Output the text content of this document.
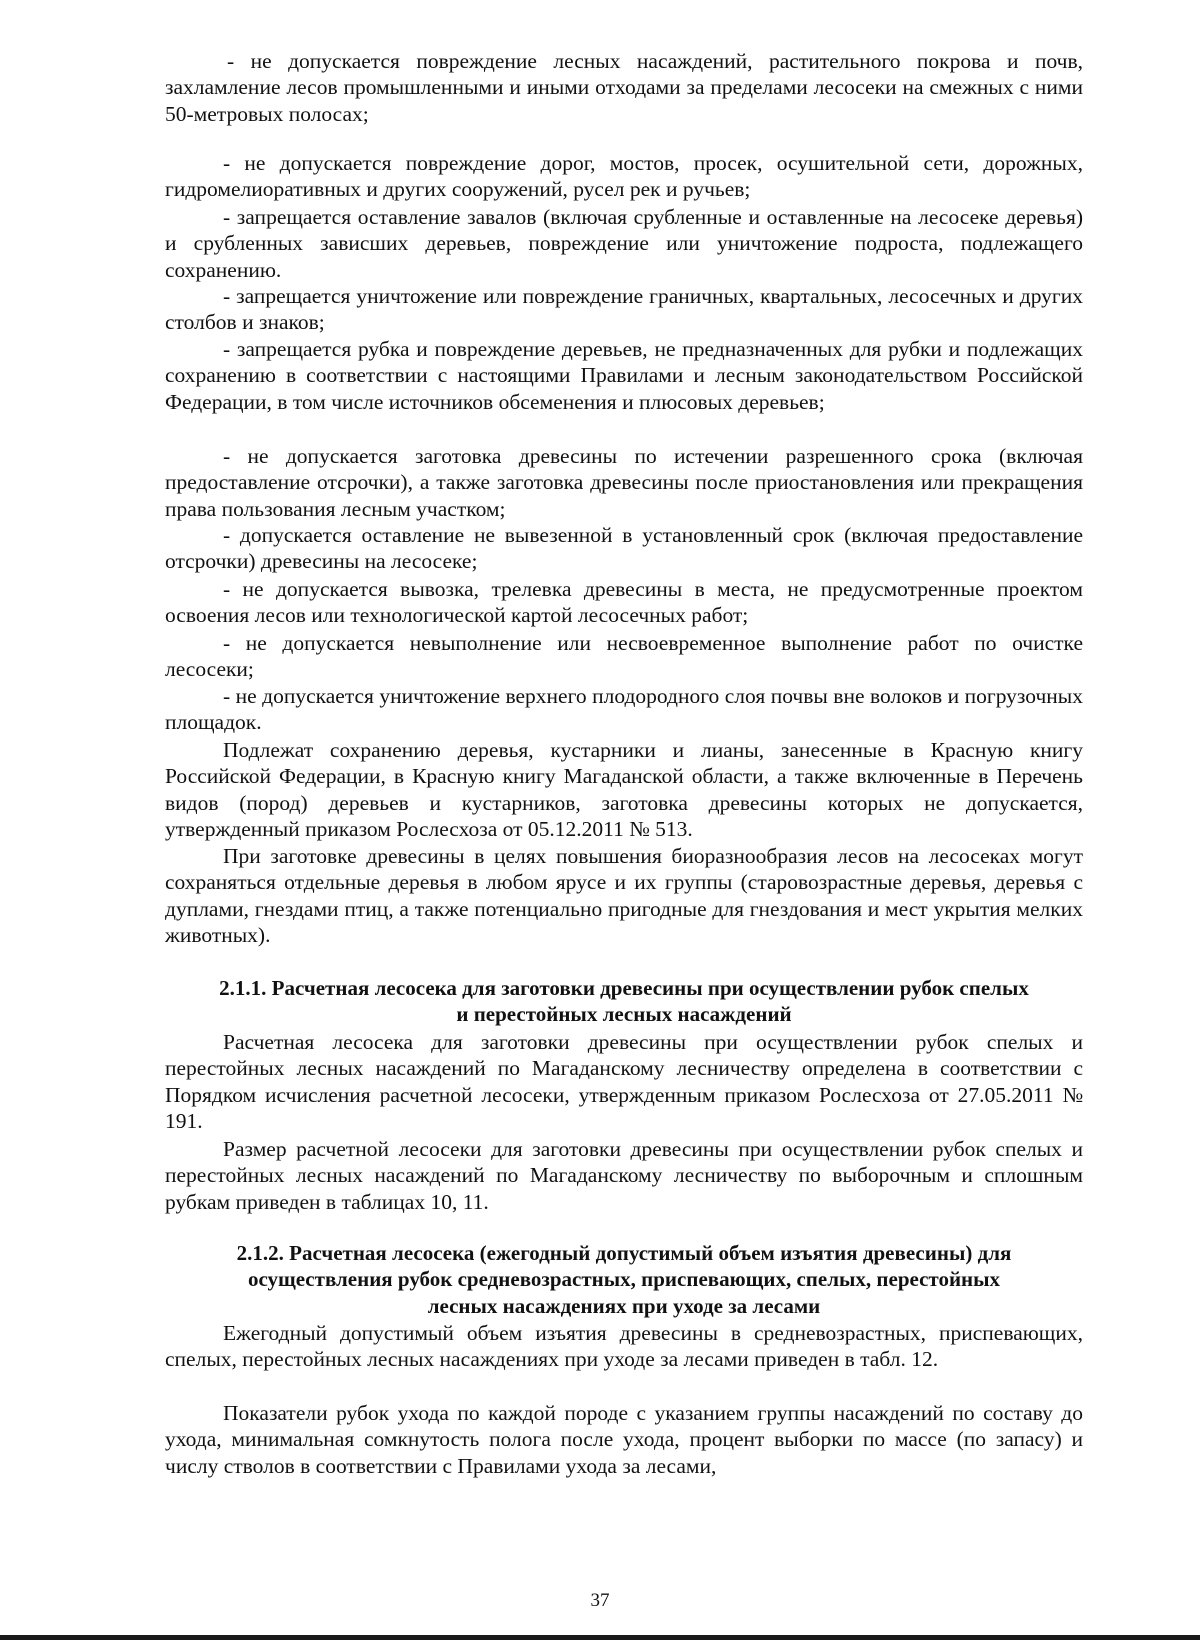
- не допускается повреждение лесных насаждений, растительного покрова и почв, захламление лесов промышленными и иными отходами за пределами лесосеки на смежных с ними 50-метровых полосах;

- не допускается повреждение дорог, мостов, просек, осушительной сети, дорожных, гидромелиоративных и других сооружений, русел рек и ручьев;

- запрещается оставление завалов (включая срубленные и оставленные на лесосеке деревья) и срубленных зависших деревьев, повреждение или уничтожение подроста, подлежащего сохранению.

- запрещается уничтожение или повреждение граничных, квартальных, лесосечных и других столбов и знаков;

- запрещается рубка и повреждение деревьев, не предназначенных для рубки и подлежащих сохранению в соответствии с настоящими Правилами и лесным законодательством Российской Федерации, в том числе источников обсеменения и плюсовых деревьев;

- не допускается заготовка древесины по истечении разрешенного срока (включая предоставление отсрочки), а также заготовка древесины после приостановления или прекращения права пользования лесным участком;

- допускается оставление не вывезенной в установленный срок (включая предоставление отсрочки) древесины на лесосеке;

- не допускается вывозка, трелевка древесины в места, не предусмотренные проектом освоения лесов или технологической картой лесосечных работ;

- не допускается невыполнение или несвоевременное выполнение работ по очистке лесосеки;

- не допускается уничтожение верхнего плодородного слоя почвы вне волоков и погрузочных площадок.

Подлежат сохранению деревья, кустарники и лианы, занесенные в Красную книгу Российской Федерации, в Красную книгу Магаданской области, а также включенные в Перечень видов (пород) деревьев и кустарников, заготовка древесины которых не допускается, утвержденный приказом Рослесхоза от 05.12.2011 № 513.

При заготовке древесины в целях повышения биоразнообразия лесов на лесосеках могут сохраняться отдельные деревья в любом ярусе и их группы (старовозрастные деревья, деревья с дуплами, гнездами птиц, а также потенциально пригодные для гнездования и мест укрытия мелких животных).

2.1.1. Расчетная лесосека для заготовки древесины при осуществлении рубок спелых
и перестойных лесных насаждений

Расчетная лесосека для заготовки древесины при осуществлении рубок спелых и перестойных лесных насаждений по Магаданскому лесничеству определена в соответствии с Порядком исчисления расчетной лесосеки, утвержденным приказом Рослесхоза от 27.05.2011 № 191.

Размер расчетной лесосеки для заготовки древесины при осуществлении рубок спелых и перестойных лесных насаждений по Магаданскому лесничеству по выборочным и сплошным рубкам приведен в таблицах 10, 11.

2.1.2. Расчетная лесосека (ежегодный допустимый объем изъятия древесины) для
осуществления рубок средневозрастных, приспевающих, спелых, перестойных
лесных насаждениях при уходе за лесами

Ежегодный допустимый объем изъятия древесины в средневозрастных, приспевающих, спелых, перестойных лесных насаждениях при уходе за лесами приведен в табл. 12.

Показатели рубок ухода по каждой породе с указанием группы насаждений по составу до ухода, минимальная сомкнутость полога после ухода, процент выборки по массе (по запасу) и числу стволов в соответствии с Правилами ухода за лесами,

37
